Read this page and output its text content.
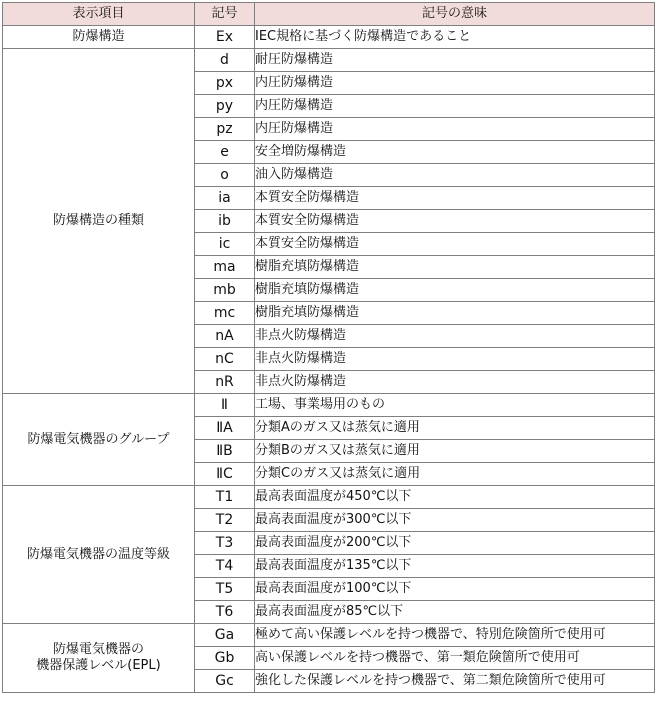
表示項目	記号	記号の意味

防爆構造	Ex	IEC規格に基づく防爆構造であること

防爆構造の種類	d	耐圧防爆構造
	px	内圧防爆構造
	py	内圧防爆構造
	pz	内圧防爆構造
	e	安全増防爆構造
	o	油入防爆構造
	ia	本質安全防爆構造
	ib	本質安全防爆構造
	ic	本質安全防爆構造
	ma	樹脂充填防爆構造
	mb	樹脂充填防爆構造
	mc	樹脂充填防爆構造
	nA	非点火防爆構造
	nC	非点火防爆構造
	nR	非点火防爆構造

防爆電気機器のグループ	Ⅱ	工場、事業場用のもの
	ⅡA	分類Aのガス又は蒸気に適用
	ⅡB	分類Bのガス又は蒸気に適用
	ⅡC	分類Cのガス又は蒸気に適用

防爆電気機器の温度等級	T1	最高表面温度が450℃以下
	T2	最高表面温度が300℃以下
	T3	最高表面温度が200℃以下
	T4	最高表面温度が135℃以下
	T5	最高表面温度が100℃以下
	T6	最高表面温度が85℃以下

防爆電気機器の
機器保護レベル(EPL)	Ga	極めて高い保護レベルを持つ機器で、特別危険箇所で使用可
	Gb	高い保護レベルを持つ機器で、第一類危険箇所で使用可
	Gc	強化した保護レベルを持つ機器で、第二類危険箇所で使用可
